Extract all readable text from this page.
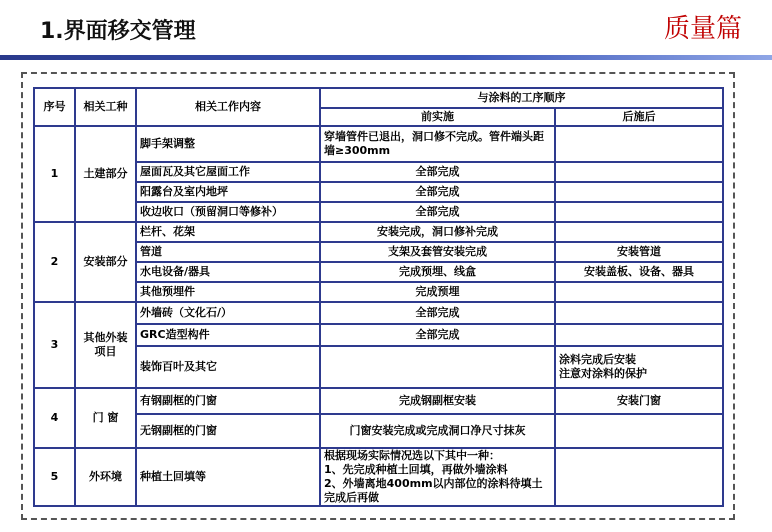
1.界面移交管理	质量篇
序号	相关工种	相关工作内容	与涂料的工序顺序	
			前实施	后施后
1	土建部分	脚手架调整	穿墙管件已退出，洞口修不完成。管件端头距墙≥300mm	
		屋面瓦及其它屋面工作	全部完成	
		阳露台及室内地坪	全部完成	
		收边收口（预留洞口等修补）	全部完成	
2	安装部分	栏杆、花架	安装完成，洞口修补完成	
		管道	支架及套管安装完成	安装管道
		水电设备/器具	完成预埋、线盒	安装盖板、设备、器具
		其他预埋件	完成预埋	
3	其他外装项目	外墙砖（文化石/）	全部完成	
		GRC造型构件	全部完成	
		装饰百叶及其它		涂料完成后安装
注意对涂料的保护
4	门 窗	有钢副框的门窗	完成钢副框安装	安装门窗
		无钢副框的门窗	门窗安装完成或完成洞口净尺寸抹灰	
5	外环境	种植土回填等	根据现场实际情况选以下其中一种：
1、先完成种植土回填，再做外墙涂料
2、外墙离地400mm以内部位的涂料待填土完成后再做	
